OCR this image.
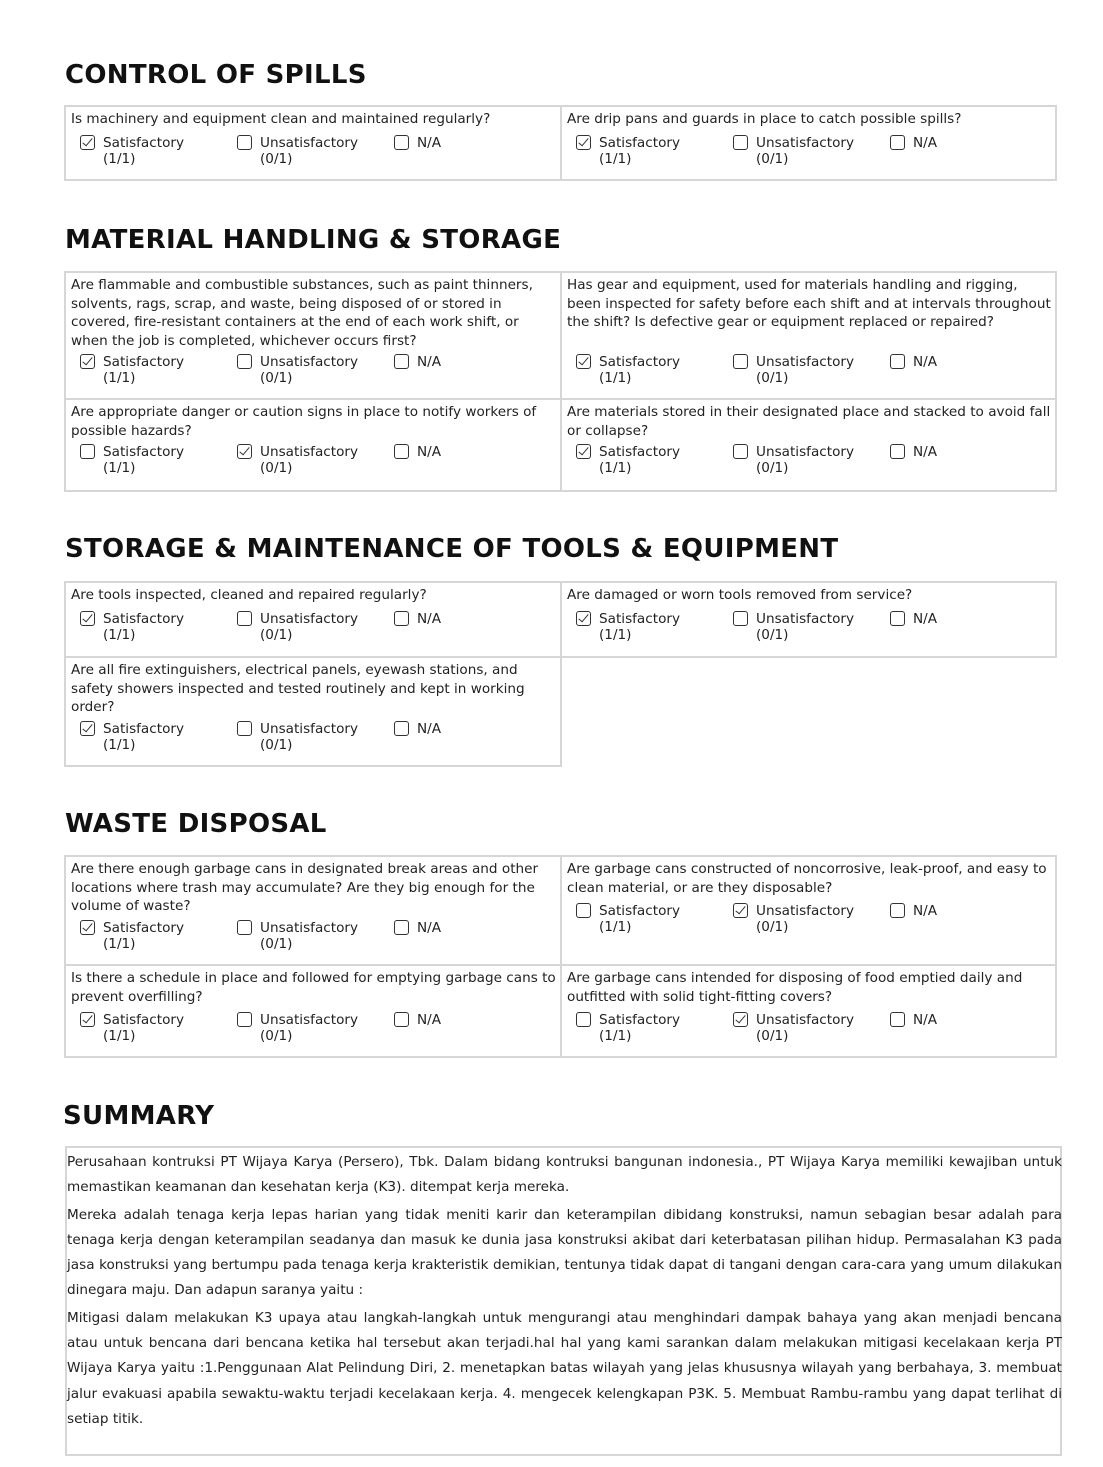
CONTROL OF SPILLS

Is machinery and equipment clean and maintained regularly?

Satisfactory
(1/1)
Unsatisfactory
(0/1)
N/A

Are drip pans and guards in place to catch possible spills?

Satisfactory
(1/1)
Unsatisfactory
(0/1)
N/A
MATERIAL HANDLING & STORAGE

Are flammable and combustible substances, such as paint thinners, solvents, rags, scrap, and waste, being disposed of or stored in covered, fire-resistant containers at the end of each work shift, or when the job is completed, whichever occurs first?

Satisfactory
(1/1)
Unsatisfactory
(0/1)
N/A

Has gear and equipment, used for materials handling and rigging, been inspected for safety before each shift and at intervals throughout the shift? Is defective gear or equipment replaced or repaired?

Satisfactory
(1/1)
Unsatisfactory
(0/1)
N/A

Are appropriate danger or caution signs in place to notify workers of possible hazards?

Satisfactory
(1/1)
Unsatisfactory
(0/1)
N/A

Are materials stored in their designated place and stacked to avoid fall or collapse?

Satisfactory
(1/1)
Unsatisfactory
(0/1)
N/A
STORAGE & MAINTENANCE OF TOOLS & EQUIPMENT

Are tools inspected, cleaned and repaired regularly?

Satisfactory
(1/1)
Unsatisfactory
(0/1)
N/A

Are damaged or worn tools removed from service?

Satisfactory
(1/1)
Unsatisfactory
(0/1)
N/A

Are all fire extinguishers, electrical panels, eyewash stations, and safety showers inspected and tested routinely and kept in working order?

Satisfactory
(1/1)
Unsatisfactory
(0/1)
N/A
WASTE DISPOSAL

Are there enough garbage cans in designated break areas and other locations where trash may accumulate? Are they big enough for the volume of waste?

Satisfactory
(1/1)
Unsatisfactory
(0/1)
N/A

Are garbage cans constructed of noncorrosive, leak-proof, and easy to clean material, or are they disposable?

Satisfactory
(1/1)
Unsatisfactory
(0/1)
N/A

Is there a schedule in place and followed for emptying garbage cans to prevent overfilling?

Satisfactory
(1/1)
Unsatisfactory
(0/1)
N/A

Are garbage cans intended for disposing of food emptied daily and outfitted with solid tight-fitting covers?

Satisfactory
(1/1)
Unsatisfactory
(0/1)
N/A
SUMMARY

Perusahaan kontruksi PT Wijaya Karya (Persero), Tbk. Dalam bidang kontruksi bangunan indonesia., PT Wijaya Karya memiliki kewajiban untuk memastikan keamanan dan kesehatan kerja (K3). ditempat kerja mereka.

Mereka adalah tenaga kerja lepas harian yang tidak meniti karir dan keterampilan dibidang konstruksi, namun sebagian besar adalah para tenaga kerja dengan keterampilan seadanya dan masuk ke dunia jasa konstruksi akibat dari keterbatasan pilihan hidup. Permasalahan K3 pada jasa konstruksi yang bertumpu pada tenaga kerja krakteristik demikian, tentunya tidak dapat di tangani dengan cara-cara yang umum dilakukan dinegara maju. Dan adapun saranya yaitu :

Mitigasi dalam melakukan K3 upaya atau langkah-langkah untuk mengurangi atau menghindari dampak bahaya yang akan menjadi bencana atau untuk bencana dari bencana ketika hal tersebut akan terjadi.hal hal yang kami sarankan dalam melakukan mitigasi kecelakaan kerja PT Wijaya Karya yaitu :1.Penggunaan Alat Pelindung Diri, 2. menetapkan batas wilayah yang jelas khususnya wilayah yang berbahaya, 3. membuat jalur evakuasi apabila sewaktu-waktu terjadi kecelakaan kerja. 4. mengecek kelengkapan P3K. 5. Membuat Rambu-rambu yang dapat terlihat di setiap titik.
